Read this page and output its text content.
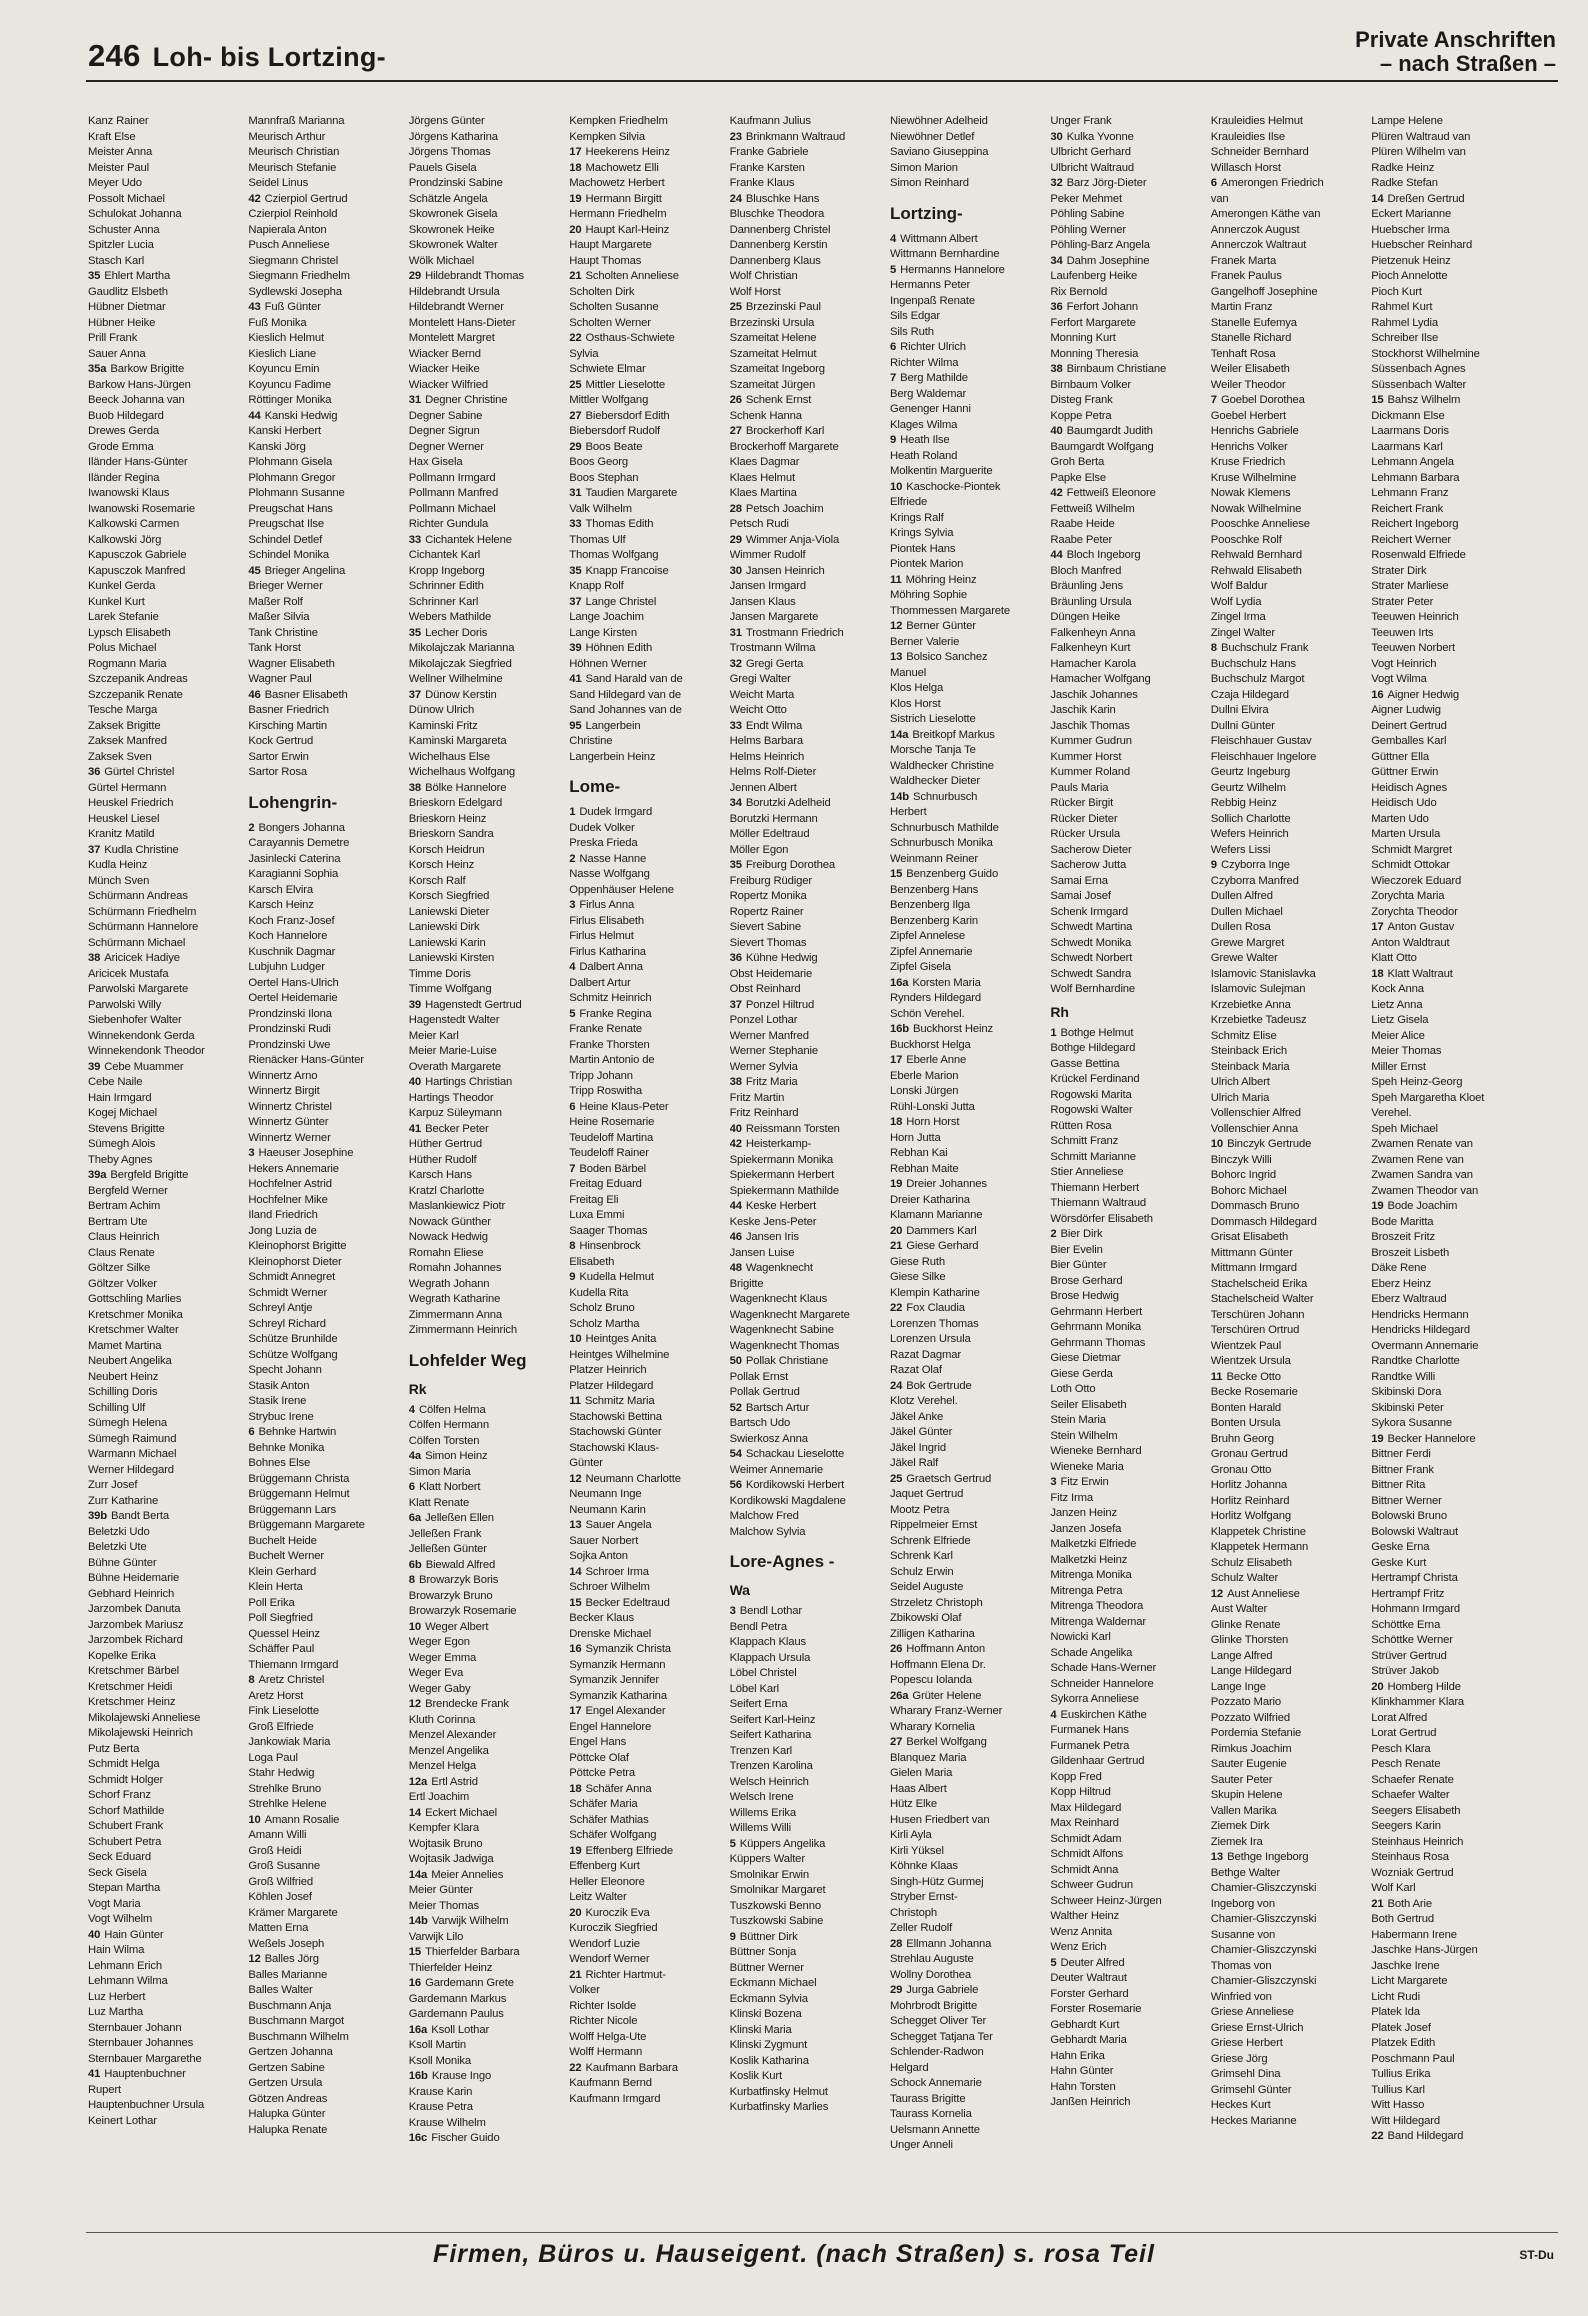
246 Loh- bis Lortzing-
Private Anschriften
– nach Straßen –
Kanz Rainer
Kraft Else
Meister Anna
Meister Paul
Meyer Udo
Possolt Michael
Schulokat Johanna
Schuster Anna
Spitzler Lucia
Stasch Karl
35 Ehlert Martha
Gaudlitz Elsbeth
Hübner Dietmar
Hübner Heike
Prill Frank
Sauer Anna
35a Barkow Brigitte
Barkow Hans-Jürgen
Beeck Johanna van
Buob Hildegard
Drewes Gerda
Grode Emma
Iländer Hans-Günter
Iländer Regina
Iwanowski Klaus
Iwanowski Rosemarie
Kalkowski Carmen
Kalkowski Jörg
Kapusczok Gabriele
Kapusczok Manfred
Kunkel Gerda
Kunkel Kurt
Larek Stefanie
Lypsch Elisabeth
Polus Michael
Rogmann Maria
Szczepanik Andreas
Szczepanik Renate
Tesche Marga
Zaksek Brigitte
Zaksek Manfred
Zaksek Sven
36 Gürtel Christel
Gürtel Hermann
Heuskel Friedrich
Heuskel Liesel
Kranitz Matild
37 Kudla Christine
Kudla Heinz
Münch Sven
Schürmann Andreas
Schürmann Friedhelm
Schürmann Hannelore
Schürmann Michael
38 Aricicek Hadiye
Aricicek Mustafa
Parwolski Margarete
Parwolski Willy
Siebenhofer Walter
Winnekendonk Gerda
Winnekendonk Theodor
39 Cebe Muammer
Cebe Naile
Hain Irmgard
Kogej Michael
Stevens Brigitte
Sümegh Alois
Theby Agnes
39a Bergfeld Brigitte
Bergfeld Werner
Bertram Achim
Bertram Ute
Claus Heinrich
Claus Renate
Göltzer Silke
Göltzer Volker
Gottschling Marlies
Kretschmer Monika
Kretschmer Walter
Mamet Martina
Neubert Angelika
Neubert Heinz
Schilling Doris
Schilling Ulf
Sümegh Helena
Sümegh Raimund
Warmann Michael
Werner Hildegard
Zurr Josef
Zurr Katharine
39b Bandt Berta
Beletzki Udo
Beletzki Ute
Bühne Günter
Bühne Heidemarie
Gebhard Heinrich
Jarzombek Danuta
Jarzombek Mariusz
Jarzombek Richard
Kopelke Erika
Kretschmer Bärbel
Kretschmer Heidi
Kretschmer Heinz
Mikolajewski Anneliese
Mikolajewski Heinrich
Putz Berta
Schmidt Helga
Schmidt Holger
Schorf Franz
Schorf Mathilde
Schubert Frank
Schubert Petra
Seck Eduard
Seck Gisela
Stepan Martha
Vogt Maria
Vogt Wilhelm
40 Hain Günter
Hain Wilma
Lehmann Erich
Lehmann Wilma
Luz Herbert
Luz Martha
Sternbauer Johann
Sternbauer Johannes
Sternbauer Margarethe
41 Hauptenbuchner
Rupert
Hauptenbuchner Ursula
Keinert Lothar
Mannfraß Marianna
Meurisch Arthur
Meurisch Christian
Meurisch Stefanie
Seidel Linus
42 Czierpiol Gertrud
Czierpiol Reinhold
Napierala Anton
Pusch Anneliese
Siegmann Christel
Siegmann Friedhelm
Sydlewski Josepha
43 Fuß Günter
Fuß Monika
Kieslich Helmut
Kieslich Liane
Koyuncu Emin
Koyuncu Fadime
Röttinger Monika
44 Kanski Hedwig
Kanski Herbert
Kanski Jörg
Plohmann Gisela
Plohmann Gregor
Plohmann Susanne
Preugschat Hans
Preugschat Ilse
Schindel Detlef
Schindel Monika
45 Brieger Angelina
Brieger Werner
Maßer Rolf
Maßer Silvia
Tank Christine
Tank Horst
Wagner Elisabeth
Wagner Paul
46 Basner Elisabeth
Basner Friedrich
Kirsching Martin
Kock Gertrud
Sartor Erwin
Sartor Rosa
Lohengrin-
2 Bongers Johanna
Carayannis Demetre
Jasinlecki Caterina
Karagianni Sophia
Karsch Elvira
Karsch Heinz
Koch Franz-Josef
Koch Hannelore
Kuschnik Dagmar
Lubjuhn Ludger
Oertel Hans-Ulrich
Oertel Heidemarie
Prondzinski Ilona
Prondzinski Rudi
Prondzinski Uwe
Rienäcker Hans-Günter
Winnertz Arno
Winnertz Birgit
Winnertz Christel
Winnertz Günter
Winnertz Werner
3 Haeuser Josephine
Hekers Annemarie
Hochfelner Astrid
Hochfelner Mike
Iland Friedrich
Jong Luzia de
Kleinophorst Brigitte
Kleinophorst Dieter
Schmidt Annegret
Schmidt Werner
Schreyl Antje
Schreyl Richard
Schütze Brunhilde
Schütze Wolfgang
Specht Johann
Stasik Anton
Stasik Irene
Strybuc Irene
6 Behnke Hartwin
Behnke Monika
Bohnes Else
Brüggemann Christa
Brüggemann Helmut
Brüggemann Lars
Brüggemann Margarete
Buchelt Heide
Buchelt Werner
Klein Gerhard
Klein Herta
Poll Erika
Poll Siegfried
Quessel Heinz
Schäffer Paul
Thiemann Irmgard
8 Aretz Christel
Aretz Horst
Fink Lieselotte
Groß Elfriede
Jankowiak Maria
Loga Paul
Stahr Hedwig
Strehlke Bruno
Strehlke Helene
10 Amann Rosalie
Amann Willi
Groß Heidi
Groß Susanne
Groß Wilfried
Köhlen Josef
Krämer Margarete
Matten Erna
Weßels Joseph
12 Balles Jörg
Balles Marianne
Balles Walter
Buschmann Anja
Buschmann Margot
Buschmann Wilhelm
Gertzen Johanna
Gertzen Sabine
Gertzen Ursula
Götzen Andreas
Halupka Günter
Halupka Renate
Jörgens Günter
Jörgens Katharina
Jörgens Thomas
Pauels Gisela
Prondzinski Sabine
Schätzle Angela
Skowronek Gisela
Skowronek Heike
Skowronek Walter
Wölk Michael
29 Hildebrandt Thomas
Hildebrandt Ursula
Hildebrandt Werner
Montelett Hans-Dieter
Montelett Margret
Wiacker Bernd
Wiacker Heike
Wiacker Wilfried
31 Degner Christine
Degner Sabine
Degner Sigrun
Degner Werner
Hax Gisela
Pollmann Irmgard
Pollmann Manfred
Pollmann Michael
Richter Gundula
33 Cichantek Helene
Cichantek Karl
Kropp Ingeborg
Schrinner Edith
Schrinner Karl
Webers Mathilde
35 Lecher Doris
Mikolajczak Marianna
Mikolajczak Siegfried
Wellner Wilhelmine
37 Dünow Kerstin
Dünow Ulrich
Kaminski Fritz
Kaminski Margareta
Wichelhaus Else
Wichelhaus Wolfgang
38 Bölke Hannelore
Brieskorn Edelgard
Brieskorn Heinz
Brieskorn Sandra
Korsch Heidrun
Korsch Heinz
Korsch Ralf
Korsch Siegfried
Laniewski Dieter
Laniewski Dirk
Laniewski Karin
Laniewski Kirsten
Timme Doris
Timme Wolfgang
39 Hagenstedt Gertrud
Hagenstedt Walter
Meier Karl
Meier Marie-Luise
Overath Margarete
40 Hartings Christian
Hartings Theodor
Karpuz Süleymann
41 Becker Peter
Hüther Gertrud
Hüther Rudolf
Karsch Hans
Kratzl Charlotte
Maslankiewicz Piotr
Nowack Günther
Nowack Hedwig
Romahn Eliese
Romahn Johannes
Wegrath Johann
Wegrath Katharine
Zimmermann Anna
Zimmermann Heinrich
Lohfelder Weg
Rk
4 Cölfen Helma
Cölfen Hermann
Cölfen Torsten
4a Simon Heinz
Simon Maria
6 Klatt Norbert
Klatt Renate
6a Jelleßen Ellen
Jelleßen Frank
Jelleßen Günter
6b Biewald Alfred
8 Browarzyk Boris
Browarzyk Bruno
Browarzyk Rosemarie
10 Weger Albert
Weger Egon
Weger Emma
Weger Eva
Weger Gaby
12 Brendecke Frank
Kluth Corinna
Menzel Alexander
Menzel Angelika
Menzel Helga
12a Ertl Astrid
Ertl Joachim
14 Eckert Michael
Kempfer Klara
Wojtasik Bruno
Wojtasik Jadwiga
14a Meier Annelies
Meier Günter
Meier Thomas
14b Varwijk Wilhelm
Varwijk Lilo
15 Thierfelder Barbara
Thierfelder Heinz
16 Gardemann Grete
Gardemann Markus
Gardemann Paulus
16a Ksoll Lothar
Ksoll Martin
Ksoll Monika
16b Krause Ingo
Krause Karin
Krause Petra
Krause Wilhelm
16c Fischer Guido
Kempken Friedhelm
Kempken Silvia
17 Heekerens Heinz
18 Machowetz Elli
Machowetz Herbert
19 Hermann Birgitt
Hermann Friedhelm
20 Haupt Karl-Heinz
Haupt Margarete
Haupt Thomas
21 Scholten Anneliese
Scholten Dirk
Scholten Susanne
Scholten Werner
22 Osthaus-Schwiete
Sylvia
Schwiete Elmar
25 Mittler Lieselotte
Mittler Wolfgang
27 Biebersdorf Edith
Biebersdorf Rudolf
29 Boos Beate
Boos Georg
Boos Stephan
31 Taudien Margarete
Valk Wilhelm
33 Thomas Edith
Thomas Ulf
Thomas Wolfgang
35 Knapp Francoise
Knapp Rolf
37 Lange Christel
Lange Joachim
Lange Kirsten
39 Höhnen Edith
Höhnen Werner
41 Sand Harald van de
Sand Hildegard van de
Sand Johannes van de
95 Langerbein
Christine
Langerbein Heinz
Lome-
1 Dudek Irmgard
Dudek Volker
Preska Frieda
2 Nasse Hanne
Nasse Wolfgang
Oppenhäuser Helene
3 Firlus Anna
Firlus Elisabeth
Firlus Helmut
Firlus Katharina
4 Dalbert Anna
Dalbert Artur
Schmitz Heinrich
5 Franke Regina
Franke Renate
Franke Thorsten
Martin Antonio de
Tripp Johann
Tripp Roswitha
6 Heine Klaus-Peter
Heine Rosemarie
Teudeloff Martina
Teudeloff Rainer
7 Boden Bärbel
Freitag Eduard
Freitag Eli
Luxa Emmi
Saager Thomas
8 Hinsenbrock
Elisabeth
9 Kudella Helmut
Kudella Rita
Scholz Bruno
Scholz Martha
10 Heintges Anita
Heintges Wilhelmine
Platzer Heinrich
Platzer Hildegard
11 Schmitz Maria
Stachowski Bettina
Stachowski Günter
Stachowski Klaus-
Günter
12 Neumann Charlotte
Neumann Inge
Neumann Karin
13 Sauer Angela
Sauer Norbert
Sojka Anton
14 Schroer Irma
Schroer Wilhelm
15 Becker Edeltraud
Becker Klaus
Drenske Michael
16 Symanzik Christa
Symanzik Hermann
Symanzik Jennifer
Symanzik Katharina
17 Engel Alexander
Engel Hannelore
Engel Hans
Pöttcke Olaf
Pöttcke Petra
18 Schäfer Anna
Schäfer Maria
Schäfer Mathias
Schäfer Wolfgang
19 Effenberg Elfriede
Effenberg Kurt
Heller Eleonore
Leitz Walter
20 Kuroczik Eva
Kuroczik Siegfried
Wendorf Luzie
Wendorf Werner
21 Richter Hartmut-
Volker
Richter Isolde
Richter Nicole
Wolff Helga-Ute
Wolff Hermann
22 Kaufmann Barbara
Kaufmann Bernd
Kaufmann Irmgard
Kaufmann Julius
23 Brinkmann Waltraud
Franke Gabriele
Franke Karsten
Franke Klaus
24 Bluschke Hans
Bluschke Theodora
Dannenberg Christel
Dannenberg Kerstin
Dannenberg Klaus
Wolf Christian
Wolf Horst
25 Brzezinski Paul
Brzezinski Ursula
Szameitat Helene
Szameitat Helmut
Szameitat Ingeborg
Szameitat Jürgen
26 Schenk Ernst
Schenk Hanna
27 Brockerhoff Karl
Brockerhoff Margarete
Klaes Dagmar
Klaes Helmut
Klaes Martina
28 Petsch Joachim
Petsch Rudi
29 Wimmer Anja-Viola
Wimmer Rudolf
30 Jansen Heinrich
Jansen Irmgard
Jansen Klaus
Jansen Margarete
31 Trostmann Friedrich
Trostmann Wilma
32 Gregi Gerta
Gregi Walter
Weicht Marta
Weicht Otto
33 Endt Wilma
Helms Barbara
Helms Heinrich
Helms Rolf-Dieter
Jennen Albert
34 Borutzki Adelheid
Borutzki Hermann
Möller Edeltraud
Möller Egon
35 Freiburg Dorothea
Freiburg Rüdiger
Ropertz Monika
Ropertz Rainer
Sievert Sabine
Sievert Thomas
36 Kühne Hedwig
Obst Heidemarie
Obst Reinhard
37 Ponzel Hiltrud
Ponzel Lothar
Werner Manfred
Werner Stephanie
Werner Sylvia
38 Fritz Maria
Fritz Martin
Fritz Reinhard
40 Reissmann Torsten
42 Heisterkamp-
Spiekermann Monika
Spiekermann Herbert
Spiekermann Mathilde
44 Keske Herbert
Keske Jens-Peter
46 Jansen Iris
Jansen Luise
48 Wagenknecht
Brigitte
Wagenknecht Klaus
Wagenknecht Margarete
Wagenknecht Sabine
Wagenknecht Thomas
50 Pollak Christiane
Pollak Ernst
Pollak Gertrud
52 Bartsch Artur
Bartsch Udo
Swierkosz Anna
54 Schackau Lieselotte
Weimer Annemarie
56 Kordikowski Herbert
Kordikowski Magdalene
Malchow Fred
Malchow Sylvia
Lore-Agnes -
Wa
3 Bendl Lothar
Bendl Petra
Klappach Klaus
Klappach Ursula
Löbel Christel
Löbel Karl
Seifert Erna
Seifert Karl-Heinz
Seifert Katharina
Trenzen Karl
Trenzen Karolina
Welsch Heinrich
Welsch Irene
Willems Erika
Willems Willi
5 Küppers Angelika
Küppers Walter
Smolnikar Erwin
Smolnikar Margaret
Tuszkowski Benno
Tuszkowski Sabine
9 Büttner Dirk
Büttner Sonja
Büttner Werner
Eckmann Michael
Eckmann Sylvia
Klinski Bozena
Klinski Maria
Klinski Zygmunt
Koslik Katharina
Koslik Kurt
Kurbatfinsky Helmut
Kurbatfinsky Marlies
Niewöhner Adelheid
Niewöhner Detlef
Saviano Giuseppina
Simon Marion
Simon Reinhard
Lortzing-
4 Wittmann Albert
Wittmann Bernhardine
5 Hermanns Hannelore
Hermanns Peter
Ingenpaß Renate
Sils Edgar
Sils Ruth
6 Richter Ulrich
Richter Wilma
7 Berg Mathilde
Berg Waldemar
Genenger Hanni
Klages Wilma
9 Heath Ilse
Heath Roland
Molkentin Marguerite
10 Kaschocke-Piontek
Elfriede
Krings Ralf
Krings Sylvia
Piontek Hans
Piontek Marion
11 Möhring Heinz
Möhring Sophie
Thommessen Margarete
12 Berner Günter
Berner Valerie
13 Bolsico Sanchez
Manuel
Klos Helga
Klos Horst
Sistrich Lieselotte
14a Breitkopf Markus
Morsche Tanja Te
Waldhecker Christine
Waldhecker Dieter
14b Schnurbusch
Herbert
Schnurbusch Mathilde
Schnurbusch Monika
Weinmann Reiner
15 Benzenberg Guido
Benzenberg Hans
Benzenberg Ilga
Benzenberg Karin
Zipfel Annelese
Zipfel Annemarie
Zipfel Gisela
16a Korsten Maria
Rynders Hildegard
Schön Verehel.
16b Buckhorst Heinz
Buckhorst Helga
17 Eberle Anne
Eberle Marion
Lonski Jürgen
Rühl-Lonski Jutta
18 Horn Horst
Horn Jutta
Rebhan Kai
Rebhan Maite
19 Dreier Johannes
Dreier Katharina
Klamann Marianne
20 Dammers Karl
21 Giese Gerhard
Giese Ruth
Giese Silke
Klempin Katharine
22 Fox Claudia
Lorenzen Thomas
Lorenzen Ursula
Razat Dagmar
Razat Olaf
24 Bok Gertrude
Klotz Verehel.
Jäkel Anke
Jäkel Günter
Jäkel Ingrid
Jäkel Ralf
25 Graetsch Gertrud
Jaquet Gertrud
Mootz Petra
Rippelmeier Ernst
Schrenk Elfriede
Schrenk Karl
Schulz Erwin
Seidel Auguste
Strzeletz Christoph
Zbikowski Olaf
Zilligen Katharina
26 Hoffmann Anton
Hoffmann Elena Dr.
Popescu Iolanda
26a Grüter Helene
Wharary Franz-Werner
Wharary Kornelia
27 Berkel Wolfgang
Blanquez Maria
Gielen Maria
Haas Albert
Hütz Elke
Husen Friedbert van
Kirli Ayla
Kirli Yüksel
Köhnke Klaas
Singh-Hütz Gurmej
Stryber Ernst-
Christoph
Zeller Rudolf
28 Ellmann Johanna
Strehlau Auguste
Wollny Dorothea
29 Jurga Gabriele
Mohrbrodt Brigitte
Schegget Oliver Ter
Schegget Tatjana Ter
Schlender-Radwon
Helgard
Schock Annemarie
Taurass Brigitte
Taurass Kornelia
Uelsmann Annette
Unger Anneli
Unger Frank
30 Kulka Yvonne
Ulbricht Gerhard
Ulbricht Waltraud
32 Barz Jörg-Dieter
Peker Mehmet
Pöhling Sabine
Pöhling Werner
Pöhling-Barz Angela
34 Dahm Josephine
Laufenberg Heike
Rix Bernold
36 Ferfort Johann
Ferfort Margarete
Monning Kurt
Monning Theresia
38 Birnbaum Christiane
Birnbaum Volker
Disteg Frank
Koppe Petra
40 Baumgardt Judith
Baumgardt Wolfgang
Groh Berta
Papke Else
42 Fettweiß Eleonore
Fettweiß Wilhelm
Raabe Heide
Raabe Peter
44 Bloch Ingeborg
Bloch Manfred
Bräunling Jens
Bräunling Ursula
Düngen Heike
Falkenheyn Anna
Falkenheyn Kurt
Hamacher Karola
Hamacher Wolfgang
Jaschik Johannes
Jaschik Karin
Jaschik Thomas
Kummer Gudrun
Kummer Horst
Kummer Roland
Pauls Maria
Rücker Birgit
Rücker Dieter
Rücker Ursula
Sacherow Dieter
Sacherow Jutta
Samai Erna
Samai Josef
Schenk Irmgard
Schwedt Martina
Schwedt Monika
Schwedt Norbert
Schwedt Sandra
Wolf Bernhardine
Rh
1 Bothge Helmut
Bothge Hildegard
Gasse Bettina
Krückel Ferdinand
Rogowski Marita
Rogowski Walter
Rütten Rosa
Schmitt Franz
Schmitt Marianne
Stier Anneliese
Thiemann Herbert
Thiemann Waltraud
Wörsdörfer Elisabeth
2 Bier Dirk
Bier Evelin
Bier Günter
Brose Gerhard
Brose Hedwig
Gehrmann Herbert
Gehrmann Monika
Gehrmann Thomas
Giese Dietmar
Giese Gerda
Loth Otto
Seiler Elisabeth
Stein Maria
Stein Wilhelm
Wieneke Bernhard
Wieneke Maria
3 Fitz Erwin
Fitz Irma
Janzen Heinz
Janzen Josefa
Malketzki Elfriede
Malketzki Heinz
Mitrenga Monika
Mitrenga Petra
Mitrenga Theodora
Mitrenga Waldemar
Nowicki Karl
Schade Angelika
Schade Hans-Werner
Schneider Hannelore
Sykorra Anneliese
4 Euskirchen Käthe
Furmanek Hans
Furmanek Petra
Gildenhaar Gertrud
Kopp Fred
Kopp Hiltrud
Max Hildegard
Max Reinhard
Schmidt Adam
Schmidt Alfons
Schmidt Anna
Schweer Gudrun
Schweer Heinz-Jürgen
Walther Heinz
Wenz Annita
Wenz Erich
5 Deuter Alfred
Deuter Waltraut
Forster Gerhard
Forster Rosemarie
Gebhardt Kurt
Gebhardt Maria
Hahn Erika
Hahn Günter
Hahn Torsten
Janßen Heinrich
Krauleidies Helmut
Krauleidies Ilse
Schneider Bernhard
Willasch Horst
6 Amerongen Friedrich
van
Amerongen Käthe van
Annerczok August
Annerczok Waltraut
Franek Marta
Franek Paulus
Gangelhoff Josephine
Martin Franz
Stanelle Eufemya
Stanelle Richard
Tenhaft Rosa
Weiler Elisabeth
Weiler Theodor
7 Goebel Dorothea
Goebel Herbert
Henrichs Gabriele
Henrichs Volker
Kruse Friedrich
Kruse Wilhelmine
Nowak Klemens
Nowak Wilhelmine
Pooschke Anneliese
Pooschke Rolf
Rehwald Bernhard
Rehwald Elisabeth
Wolf Baldur
Wolf Lydia
Zingel Irma
Zingel Walter
8 Buchschulz Frank
Buchschulz Hans
Buchschulz Margot
Czaja Hildegard
Dullni Elvira
Dullni Günter
Fleischhauer Gustav
Fleischhauer Ingelore
Geurtz Ingeburg
Geurtz Wilhelm
Rebbig Heinz
Sollich Charlotte
Wefers Heinrich
Wefers Lissi
9 Czyborra Inge
Czyborra Manfred
Dullen Alfred
Dullen Michael
Dullen Rosa
Grewe Margret
Grewe Walter
Islamovic Stanislavka
Islamovic Sulejman
Krzebietke Anna
Krzebietke Tadeusz
Schmitz Elise
Steinback Erich
Steinback Maria
Ulrich Albert
Ulrich Maria
Vollenschier Alfred
Vollenschier Anna
10 Binczyk Gertrude
Binczyk Willi
Bohorc Ingrid
Bohorc Michael
Dommasch Bruno
Dommasch Hildegard
Grisat Elisabeth
Mittmann Günter
Mittmann Irmgard
Stachelscheid Erika
Stachelscheid Walter
Terschüren Johann
Terschüren Ortrud
Wientzek Paul
Wientzek Ursula
11 Becke Otto
Becke Rosemarie
Bonten Harald
Bonten Ursula
Bruhn Georg
Gronau Gertrud
Gronau Otto
Horlitz Johanna
Horlitz Reinhard
Horlitz Wolfgang
Klappetek Christine
Klappetek Hermann
Schulz Elisabeth
Schulz Walter
12 Aust Anneliese
Aust Walter
Glinke Renate
Glinke Thorsten
Lange Alfred
Lange Hildegard
Lange Inge
Pozzato Mario
Pozzato Wilfried
Pordemia Stefanie
Rimkus Joachim
Sauter Eugenie
Sauter Peter
Skupin Helene
Vallen Marika
Ziemek Dirk
Ziemek Ira
13 Bethge Ingeborg
Bethge Walter
Chamier-Gliszczynski
Ingeborg von
Chamier-Gliszczynski
Susanne von
Chamier-Gliszczynski
Thomas von
Chamier-Gliszczynski
Winfried von
Griese Anneliese
Griese Ernst-Ulrich
Griese Herbert
Griese Jörg
Grimsehl Dina
Grimsehl Günter
Heckes Kurt
Heckes Marianne
Lampe Helene
Plüren Waltraud van
Plüren Wilhelm van
Radke Heinz
Radke Stefan
14 Dreßen Gertrud
Eckert Marianne
Huebscher Irma
Huebscher Reinhard
Pietzenuk Heinz
Pioch Annelotte
Pioch Kurt
Rahmel Kurt
Rahmel Lydia
Schreiber Ilse
Stockhorst Wilhelmine
Süssenbach Agnes
Süssenbach Walter
15 Bahsz Wilhelm
Dickmann Else
Laarmans Doris
Laarmans Karl
Lehmann Angela
Lehmann Barbara
Lehmann Franz
Reichert Frank
Reichert Ingeborg
Reichert Werner
Rosenwald Elfriede
Strater Dirk
Strater Marliese
Strater Peter
Teeuwen Heinrich
Teeuwen Irts
Teeuwen Norbert
Vogt Heinrich
Vogt Wilma
16 Aigner Hedwig
Aigner Ludwig
Deinert Gertrud
Gemballes Karl
Güttner Ella
Güttner Erwin
Heidisch Agnes
Heidisch Udo
Marten Udo
Marten Ursula
Schmidt Margret
Schmidt Ottokar
Wieczorek Eduard
Zorychta Maria
Zorychta Theodor
17 Anton Gustav
Anton Waldtraut
Klatt Otto
18 Klatt Waltraut
Kock Anna
Lietz Anna
Lietz Gisela
Meier Alice
Meier Thomas
Miller Ernst
Speh Heinz-Georg
Speh Margaretha Kloet
Verehel.
Speh Michael
Zwamen Renate van
Zwamen Rene van
Zwamen Sandra van
Zwamen Theodor van
19 Bode Joachim
Bode Maritta
Broszeit Fritz
Broszeit Lisbeth
Däke Rene
Eberz Heinz
Eberz Waltraud
Hendricks Hermann
Hendricks Hildegard
Overmann Annemarie
Randtke Charlotte
Randtke Willi
Skibinski Dora
Skibinski Peter
Sykora Susanne
19 Becker Hannelore
Bittner Ferdi
Bittner Frank
Bittner Rita
Bittner Werner
Bolowski Bruno
Bolowski Waltraut
Geske Erna
Geske Kurt
Hertrampf Christa
Hertrampf Fritz
Hohmann Irmgard
Schöttke Erna
Schöttke Werner
Strüver Gertrud
Strüver Jakob
20 Homberg Hilde
Klinkhammer Klara
Lorat Alfred
Lorat Gertrud
Pesch Klara
Pesch Renate
Schaefer Renate
Schaefer Walter
Seegers Elisabeth
Seegers Karin
Steinhaus Heinrich
Steinhaus Rosa
Wozniak Gertrud
Wolf Karl
21 Both Arie
Both Gertrud
Habermann Irene
Jaschke Hans-Jürgen
Jaschke Irene
Licht Margarete
Licht Rudi
Platek Ida
Platek Josef
Platzek Edith
Poschmann Paul
Tullius Erika
Tullius Karl
Witt Hasso
Witt Hildegard
22 Band Hildegard
Firmen, Büros u. Hauseigent. (nach Straßen) s. rosa Teil	ST-Du
